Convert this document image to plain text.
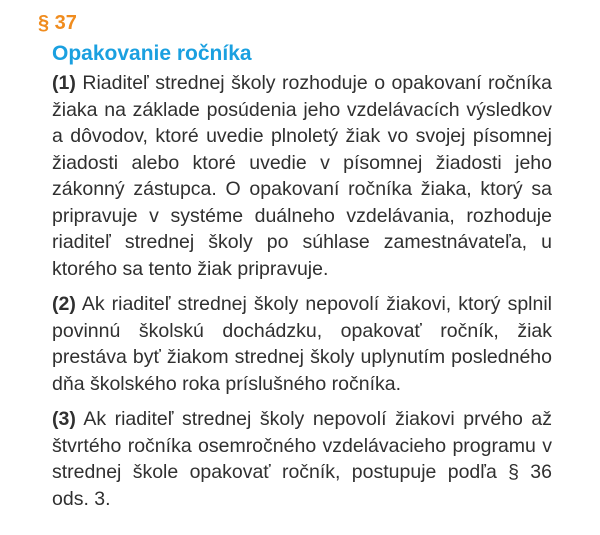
§ 37
Opakovanie ročníka

(1) Riaditeľ strednej školy rozhoduje o opakovaní ročníka žiaka na základe posúdenia jeho vzdelávacích výsledkov a dôvodov, ktoré uvedie plnoletý žiak vo svojej písomnej žiadosti alebo ktoré uvedie v písomnej žiadosti jeho zákonný zástupca. O opakovaní ročníka žiaka, ktorý sa pripravuje v systéme duálneho vzdelávania, rozhoduje riaditeľ strednej školy po súhlase zamestnávateľa, u ktorého sa tento žiak pripravuje.

(2) Ak riaditeľ strednej školy nepovolí žiakovi, ktorý splnil povinnú školskú dochádzku, opakovať ročník, žiak prestáva byť žiakom strednej školy uplynutím posledného dňa školského roka príslušného ročníka.

(3) Ak riaditeľ strednej školy nepovolí žiakovi prvého až štvrtého ročníka osemročného vzdelávacieho programu v strednej škole opakovať ročník, postupuje podľa § 36 ods. 3.
